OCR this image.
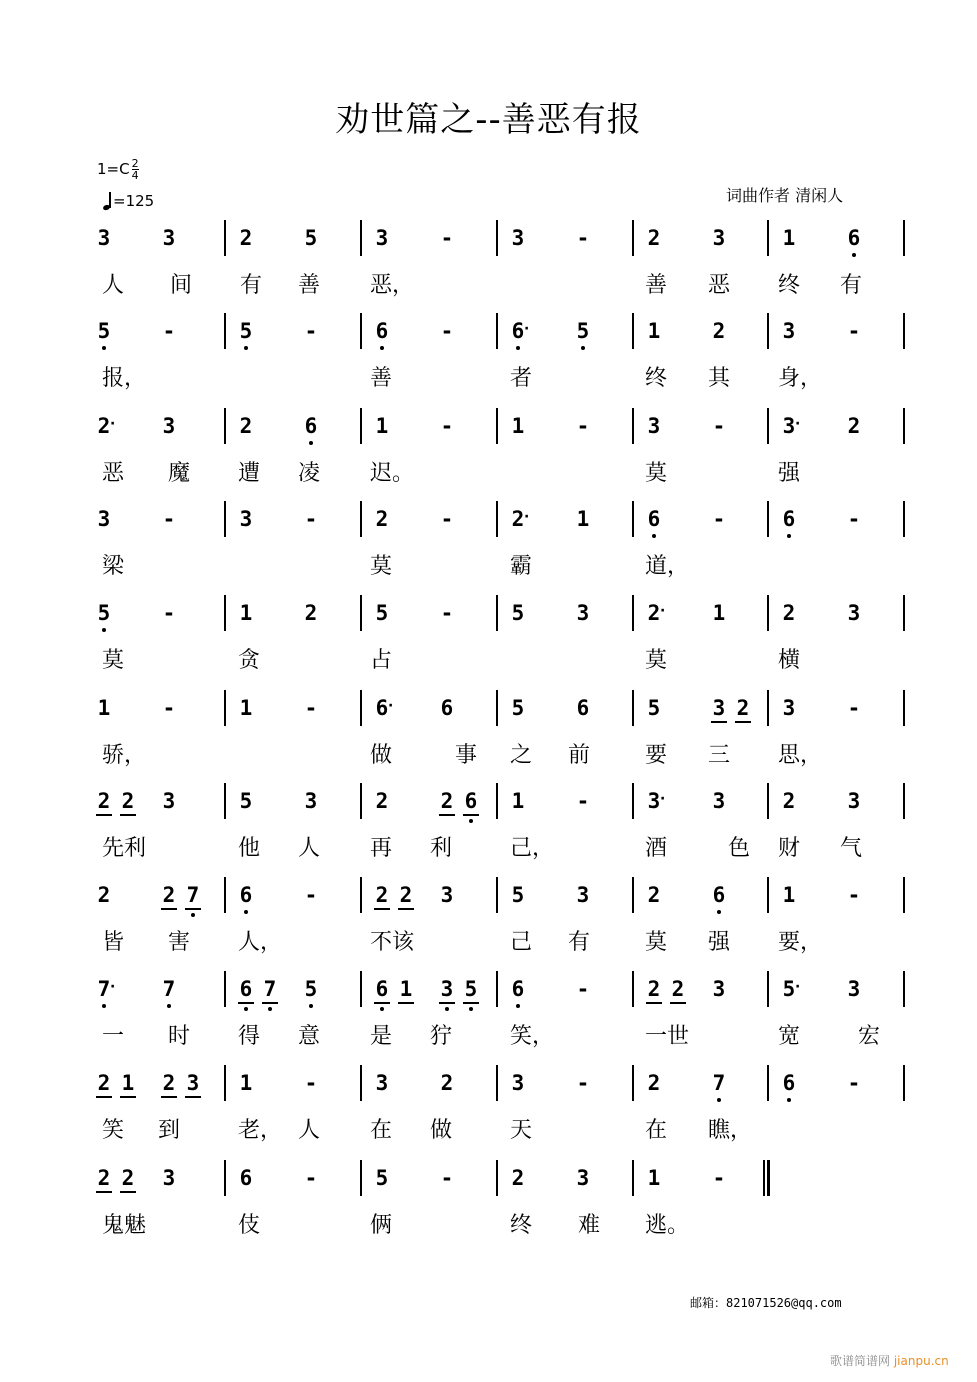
劝世篇之--善恶有报
$1=C \frac{2}{4}$
=125	词曲作者 清闲人
3 3	2 5	3 -	3 -	2 3	1 6
人 间 有 善 恶，	善 恶 终 有
5 -	5 -	6 -	6 · 5	1 2	3 -
报，	善	者	终 其 身，
2 · 3	2 6	1 -	1 -	3 -	3 · 2
恶 魔 遭 凌 迟。	莫	强
3 -	3 -	2 -	2 · 1	6 -	6 -
梁	莫	霸	道，
5 -	1 2	5 -	5 3	2 · 1	2 3
莫	贪	占	莫	横
1 -	1 -	6 · 6	5 6	5 3 2 3 -
骄，	做	事 之 前 要 三 思，
2 2 3	5 3	2 2 6 1 -	3 · 3	2 3
先利	他 人 再 利	己，	酒	色 财 气
2 2 7 6 -	2 2 3	5 3	2 6	1 -
皆 害 人，	不该	己 有 莫 强 要，
7 · 7	6 7 5	6 1 3 5 6 -	2 2 3	5 · 3
一 时 得 意 是 狞	笑，	一世	宽	宏
2 1 2 3 1 -	3 2	3 -	2 7	6 -
笑 到	老， 人 在 做	天	在 瞧，
2 2 3	6 -	5 -	2 3	1 -
鬼魅	伎	俩	终 难 逃。
邮箱：821071526@qq.com
歌谱简谱网 jianpu.cn
